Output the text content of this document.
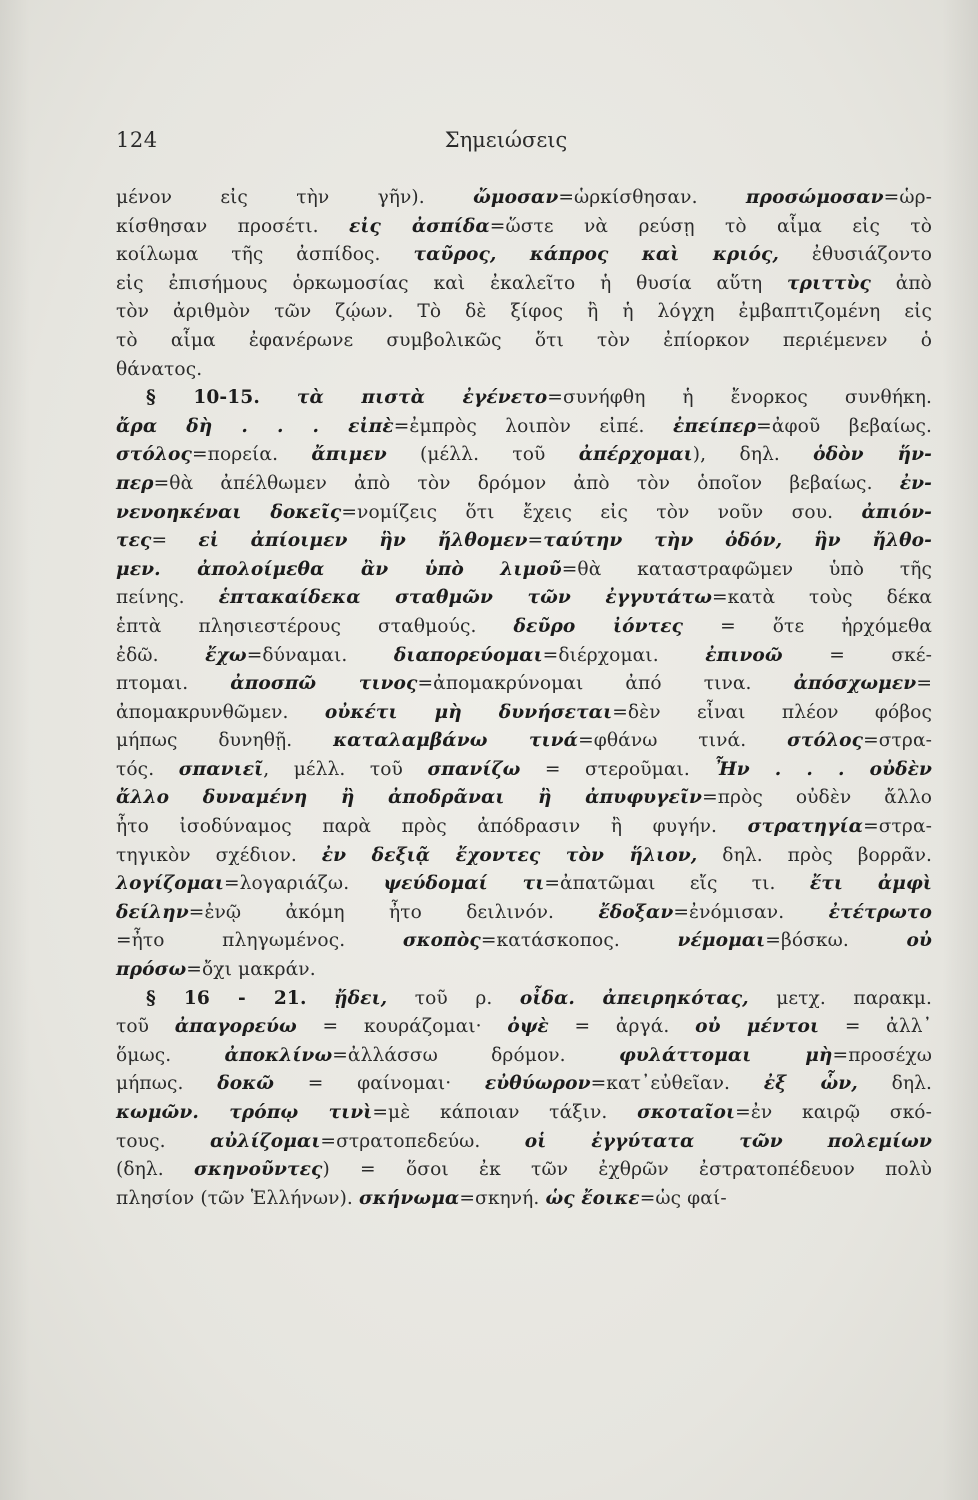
124	Σημειώσεις
μένον εἰς τὴν γῆν). ὤμοσαν=ὡρκίσθησαν. προσώμοσαν=ὡρ-
κίσθησαν προσέτι. εἰς ἀσπίδα=ὥστε νὰ ρεύσῃ τὸ αἷμα εἰς τὸ
κοίλωμα τῆς ἀσπίδος. ταῦρος, κάπρος καὶ κριός, ἐθυσιάζοντο
εἰς ἐπισήμους ὁρκωμοσίας καὶ ἐκαλεῖτο ἡ θυσία αὕτη τριττὺς ἀπὸ
τὸν ἀριθμὸν τῶν ζῴων. Τὸ δὲ ξίφος ἢ ἡ λόγχη ἐμβαπτιζομένη εἰς
τὸ αἷμα ἐφανέρωνε συμβολικῶς ὅτι τὸν ἐπίορκον περιέμενεν ὁ
θάνατος.
§ 10-15. τὰ πιστὰ ἐγένετο=συνήφθη ἡ ἔνορκος συνθήκη.
ἄρα δὴ . . . εἰπὲ=ἐμπρὸς λοιπὸν εἰπέ. ἐπείπερ=ἀφοῦ βεβαίως.
στόλος=πορεία. ἄπιμεν (μέλλ. τοῦ ἀπέρχομαι), δηλ. ὁδὸν ἥν-
περ=θὰ ἀπέλθωμεν ἀπὸ τὸν δρόμον ἀπὸ τὸν ὁποῖον βεβαίως. ἐν-
νενοηκέναι δοκεῖς=νομίζεις ὅτι ἔχεις εἰς τὸν νοῦν σου. ἀπιόν-
τες= εἰ ἀπίοιμεν ἣν ἤλθομεν=ταύτην τὴν ὁδόν, ἣν ἤλθο-
μεν. ἀπολοίμεθα ἂν ὑπὸ λιμοῦ=θὰ καταστραφῶμεν ὑπὸ τῆς
πείνης. ἑπτακαίδεκα σταθμῶν τῶν ἐγγυτάτω=κατὰ τοὺς δέκα
ἑπτὰ πλησιεστέρους σταθμούς. δεῦρο ἰόντες = ὅτε ἠρχόμεθα
ἐδῶ. ἔχω=δύναμαι. διαπορεύομαι=διέρχομαι. ἐπινοῶ = σκέ-
πτομαι. ἀποσπῶ τινος=ἀπομακρύνομαι ἀπό τινα. ἀπόσχωμεν=
ἀπομακρυνθῶμεν. οὐκέτι μὴ δυνήσεται=δὲν εἶναι πλέον φόβος
μήπως δυνηθῇ. καταλαμβάνω τινά=φθάνω τινά. στόλος=στρα-
τός. σπανιεῖ, μέλλ. τοῦ σπανίζω = στεροῦμαι. Ἦν . . . οὐδὲν
ἄλλο δυναμένη ἢ ἀποδρᾶναι ἢ ἀπυφυγεῖν=πρὸς οὐδὲν ἄλλο
ἦτο ἰσοδύναμος παρὰ πρὸς ἀπόδρασιν ἢ φυγήν. στρατηγία=στρα-
τηγικὸν σχέδιον. ἐν δεξιᾷ ἔχοντες τὸν ἥλιον, δηλ. πρὸς βορρᾶν.
λογίζομαι=λογαριάζω. ψεύδομαί τι=ἀπατῶμαι εἴς τι. ἔτι ἀμφὶ
δείλην=ἐνῷ ἀκόμη ἦτο δειλινόν. ἔδοξαν=ἐνόμισαν. ἐτέτρωτο
=ἦτο πληγωμένος. σκοπὸς=κατάσκοπος. νέμομαι=βόσκω. οὐ
πρόσω=ὄχι μακράν.
§ 16 - 21. ᾔδει, τοῦ ρ. οἶδα. ἀπειρηκότας, μετχ. παρακμ.
τοῦ ἀπαγορεύω = κουράζομαι· ὀψὲ = ἀργά. οὐ μέντοι = ἀλλ᾽
ὅμως. ἀποκλίνω=ἀλλάσσω δρόμον. φυλάττομαι μὴ=προσέχω
μήπως. δοκῶ = φαίνομαι· εὐθύωρον=κατ᾽εὐθεῖαν. ἐξ ὧν, δηλ.
κωμῶν. τρόπῳ τινὶ=μὲ κάποιαν τάξιν. σκοταῖοι=ἐν καιρῷ σκό-
τους. αὐλίζομαι=στρατοπεδεύω. οἱ ἐγγύτατα τῶν πολεμίων
(δηλ. σκηνοῦντες) = ὅσοι ἐκ τῶν ἐχθρῶν ἐστρατοπέδευον πολὺ
πλησίον (τῶν Ἑλλήνων). σκήνωμα=σκηνή. ὡς ἔοικε=ὡς φαί-
